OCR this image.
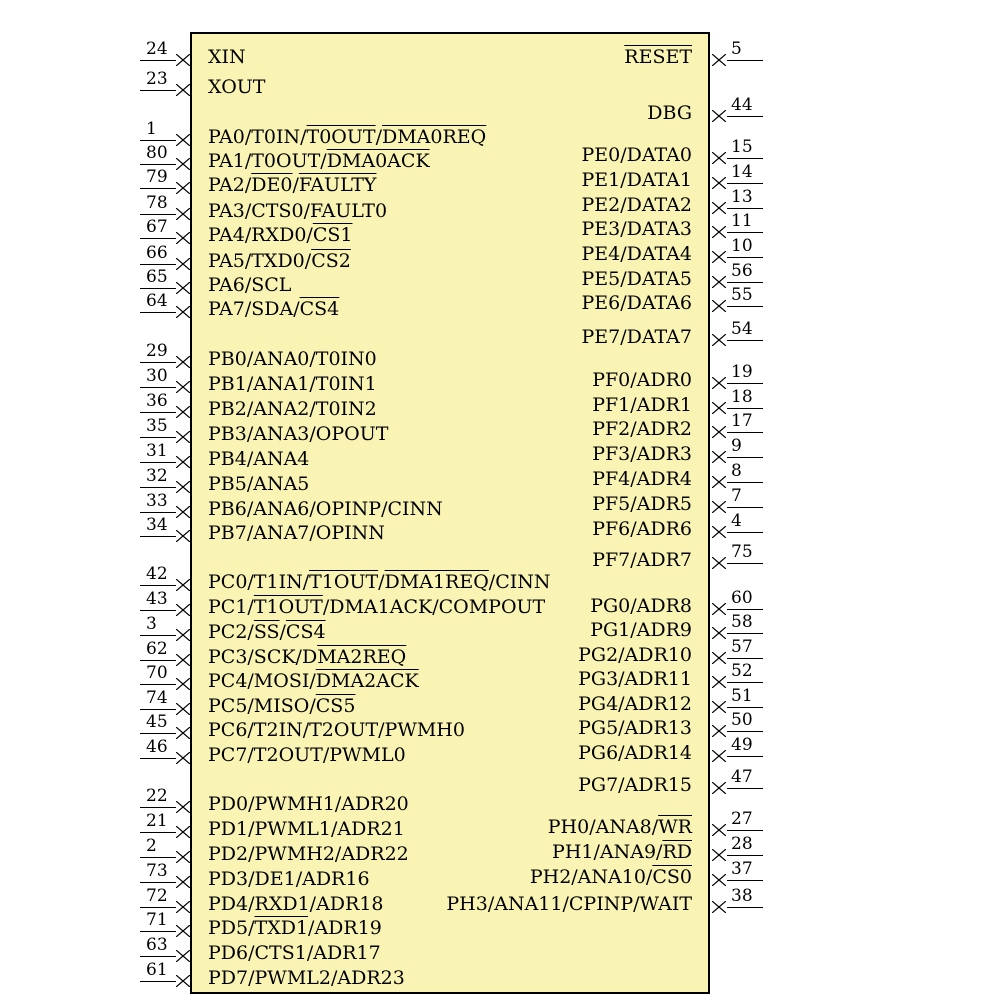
XIN
24
XOUT
23
PA0/T0IN/T0OUT/DMA0REQ
1
PA1/T0OUT/DMA0ACK
80
PA2/DE0/FAULTY
79
PA3/CTS0/FAULT0
78
PA4/RXD0/CS1
67
PA5/TXD0/CS2
66
PA6/SCL
65
PA7/SDA/CS4
64
PB0/ANA0/T0IN0
29
PB1/ANA1/T0IN1
30
PB2/ANA2/T0IN2
36
PB3/ANA3/OPOUT
35
PB4/ANA4
31
PB5/ANA5
32
PB6/ANA6/OPINP/CINN
33
PB7/ANA7/OPINN
34
PC0/T1IN/T1OUT/DMA1REQ/CINN
42
PC1/T1OUT/DMA1ACK/COMPOUT
43
$PC2/\overline{SS}/CS4$
3
PC3/SCK/DMA2REQ
62
PC4/MOSI/DMA2ACK
70
PC5/MISO/CS5
74
PC6/T2IN/T2OUT/PWMH0
45
PC7/T2OUT/PWML0
46
PD0/PWMH1/ADR20
22
PD1/PWML1/ADR21
21
PD2/PWMH2/ADR22
2
PD3/DE1/ADR16
73
PD4/RXD1/ADR18
72
PD5/TXD1/ADR19
71
PD6/CTS1/ADR17
63
PD7/PWML2/ADR23
61
RESET 5
DBG 44
PE0/DATA0 15
PE1/DATA1 14
PE2/DATA2 13
PE3/DATA3 11
PE4/DATA4 10
PE5/DATA5 56
PE6/DATA6 55
PE7/DATA7 54
PF0/ADR0 19
PF1/ADR1 18
PF2/ADR2 17
PF3/ADR3 9
PF4/ADR4 8
PF5/ADR5 7
PF6/ADR6 4
PF7/ADR7 75
PG0/ADR8 60
PG1/ADR9 58
PG2/ADR10 57
PG3/ADR11 52
PG4/ADR12 51
PG5/ADR13 50
PG6/ADR14 49
PG7/ADR15 47
$PH0/ANA8/\overline{WR}$ 27
$PH1/ANA9/\overline{RD}$ 28
PH2/ANA10/CS0 37
PH3/ANA11/CPINP/WAIT 38
